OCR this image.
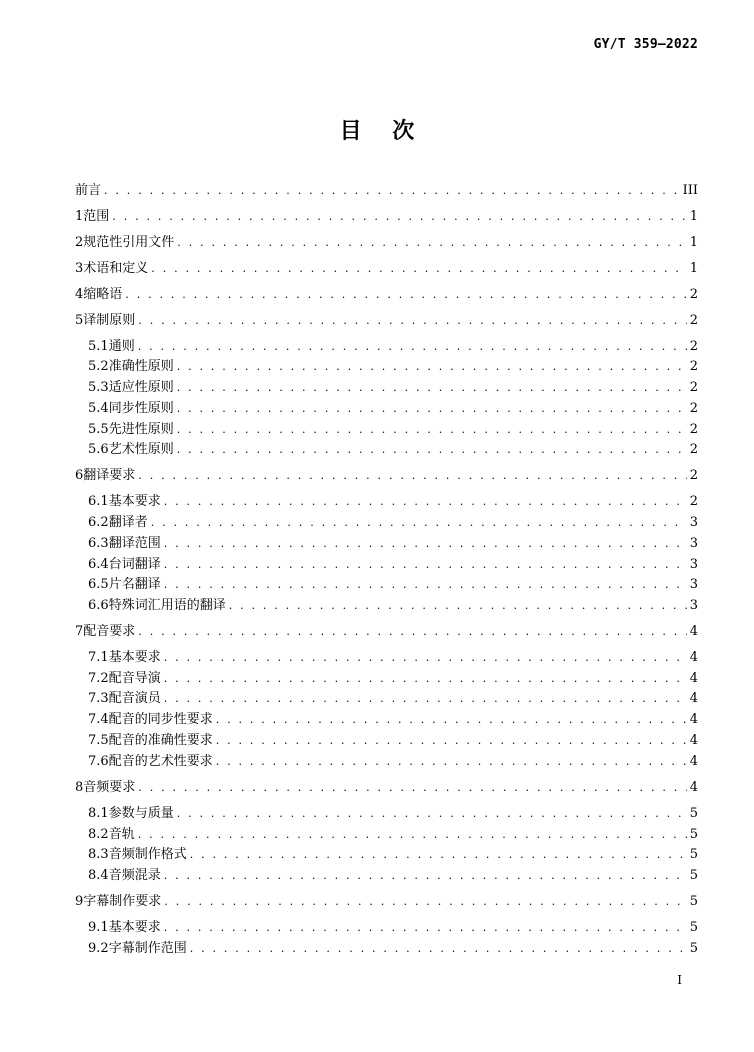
GY/T 359—2022
目    次
前言 . . .	III
1 范围 . . .	1
2 规范性引用文件 . . .	1
3 术语和定义 . . .	1
4 缩略语 . . .	2
5 译制原则 . . .	2
5.1 通则 . . .	2
5.2 准确性原则 . . .	2
5.3 适应性原则 . . .	2
5.4 同步性原则 . . .	2
5.5 先进性原则 . . .	2
5.6 艺术性原则 . . .	2
6 翻译要求 . . .	2
6.1 基本要求 . . .	2
6.2 翻译者 . . .	3
6.3 翻译范围 . . .	3
6.4 台词翻译 . . .	3
6.5 片名翻译 . . .	3
6.6 特殊词汇用语的翻译 . . .	3
7 配音要求 . . .	4
7.1 基本要求 . . .	4
7.2 配音导演 . . .	4
7.3 配音演员 . . .	4
7.4 配音的同步性要求 . . .	4
7.5 配音的准确性要求 . . .	4
7.6 配音的艺术性要求 . . .	4
8 音频要求 . . .	4
8.1 参数与质量 . . .	5
8.2 音轨 . . .	5
8.3 音频制作格式 . . .	5
8.4 音频混录 . . .	5
9 字幕制作要求 . . .	5
9.1 基本要求 . . .	5
9.2 字幕制作范围 . . .	5
I
